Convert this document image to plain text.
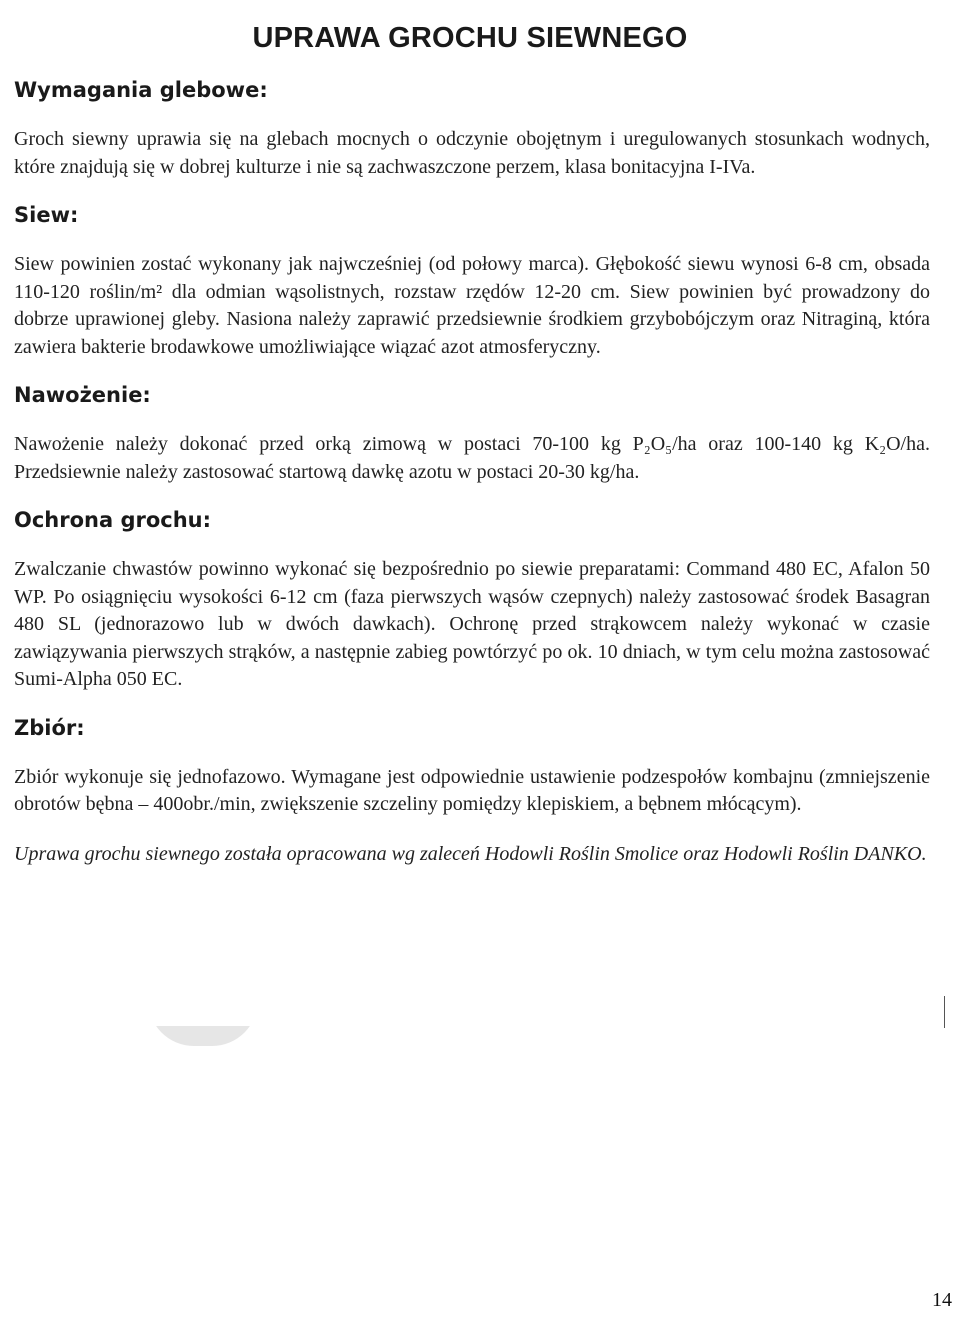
UPRAWA GROCHU SIEWNEGO
Wymagania glebowe:

Groch siewny uprawia się na glebach mocnych o odczynie obojętnym i uregulowanych stosunkach wodnych, które znajdują się w dobrej kulturze i nie są zachwaszczone perzem, klasa bonitacyjna I-IVa.

Siew:

Siew powinien zostać wykonany jak najwcześniej (od połowy marca). Głębokość siewu wynosi 6-8 cm, obsada 110-120 roślin/m² dla odmian wąsolistnych, rozstaw rzędów 12-20 cm. Siew powinien być prowadzony do dobrze uprawionej gleby. Nasiona należy zaprawić przedsiewnie środkiem grzybobójczym oraz Nitraginą, która zawiera bakterie brodawkowe umożliwiające wiązać azot atmosferyczny.

Nawożenie:

Nawożenie należy dokonać przed orką zimową w postaci 70-100 kg P₂O₅/ha oraz 100-140 kg K₂O/ha. Przedsiewnie należy zastosować startową dawkę azotu w postaci 20-30 kg/ha.

Ochrona grochu:

Zwalczanie chwastów powinno wykonać się bezpośrednio po siewie preparatami: Command 480 EC, Afalon 50 WP. Po osiągnięciu wysokości 6-12 cm (faza pierwszych wąsów czepnych) należy zastosować środek Basagran 480 SL (jednorazowo lub w dwóch dawkach). Ochronę przed strąkowcem należy wykonać w czasie zawiązywania pierwszych strąków, a następnie zabieg powtórzyć po ok. 10 dniach, w tym celu można zastosować Sumi-Alpha 050 EC.

Zbiór:

Zbiór wykonuje się jednofazowo. Wymagane jest odpowiednie ustawienie podzespołów kombajnu (zmniejszenie obrotów bębna – 400obr./min, zwiększenie szczeliny pomiędzy klepiskiem, a bębnem młócącym).

Uprawa grochu siewnego została opracowana wg zaleceń Hodowli Roślin Smolice oraz Hodowli Roślin DANKO.

14
